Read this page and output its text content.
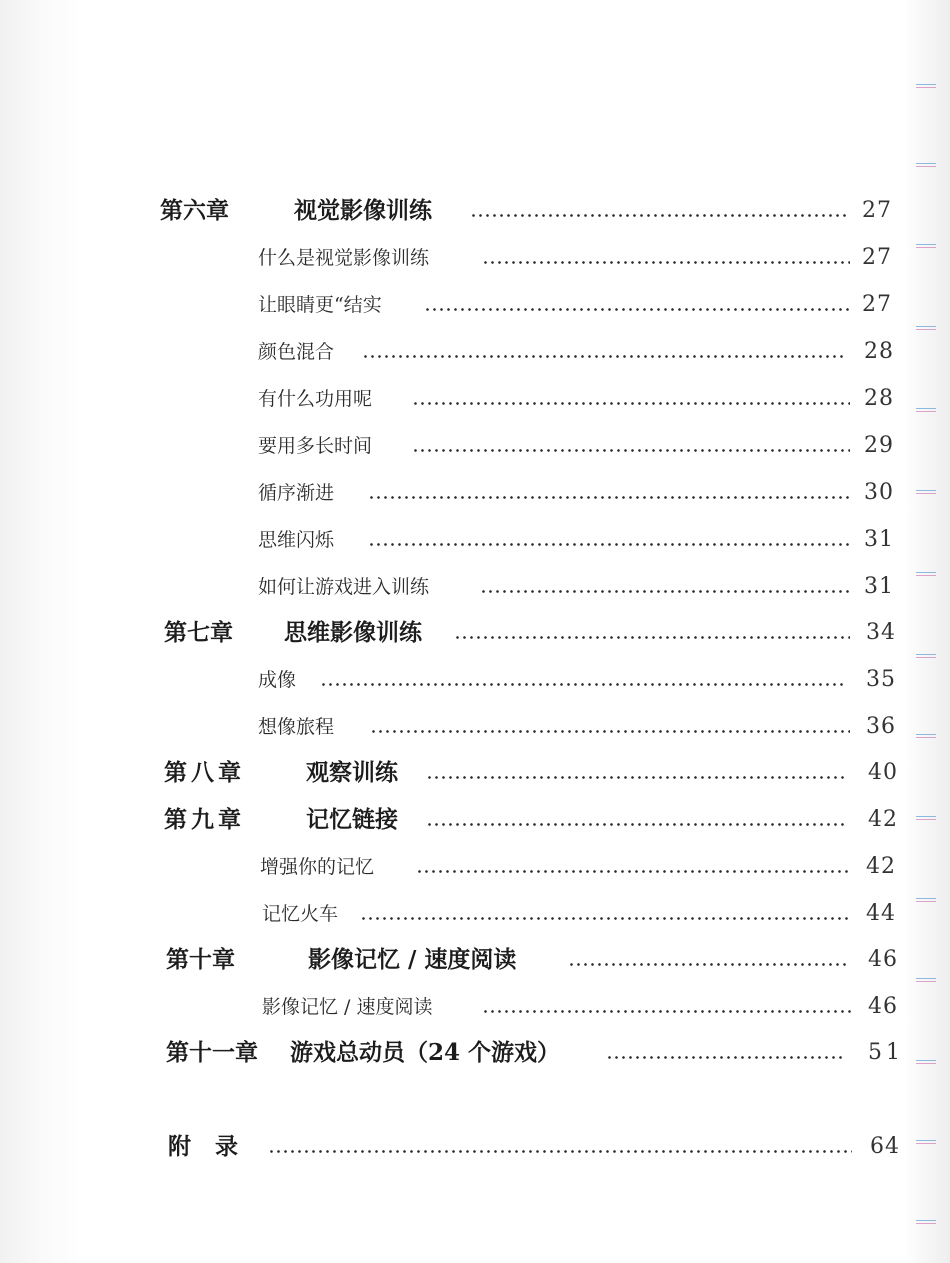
第六章	视觉影像训练	27
什么是视觉影像训练	27
让眼睛更“结实	27
颜色混合	28
有什么功用呢	28
要用多长时间	29
循序渐进	30
思维闪烁	31
如何让游戏进入训练	31
第七章 思维影像训练	34
成像	35
想像旅程	36
第八章	观察训练	40
第九章	记忆链接	42
增强你的记忆	42
记忆火车	44
第十章	影像记忆 / 速度阅读	46
影像记忆 / 速度阅读	46
第十一章 游戏总动员（24 个游戏）	51
附录	64
